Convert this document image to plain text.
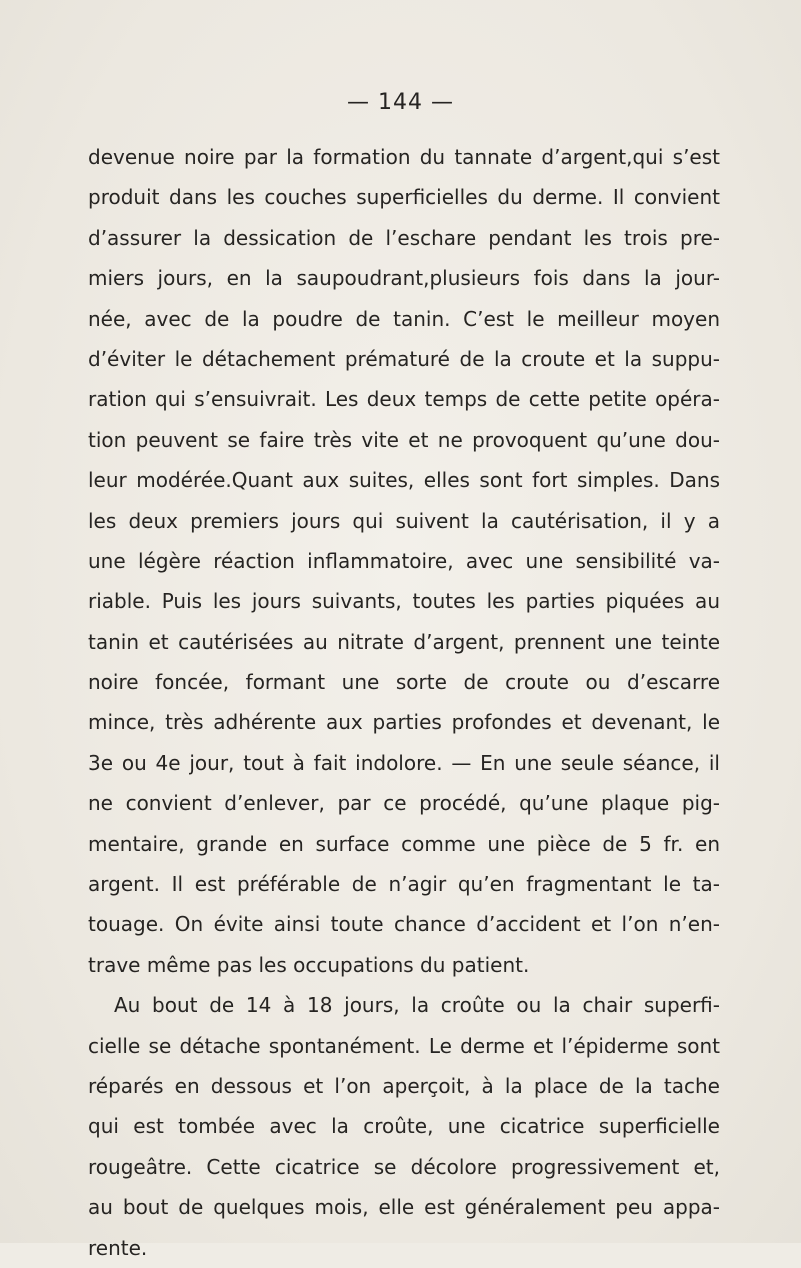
— 144 —
devenue noire par la formation du tannate d’argent,qui s’est
produit dans les couches superficielles du derme. Il convient
d’assurer la dessication de l’eschare pendant les trois pre-
miers jours, en la saupoudrant,plusieurs fois dans la jour-
née, avec de la poudre de tanin. C’est le meilleur moyen
d’éviter le détachement prématuré de la croute et la suppu-
ration qui s’ensuivrait. Les deux temps de cette petite opéra-
tion peuvent se faire très vite et ne provoquent qu’une dou-
leur modérée.Quant aux suites, elles sont fort simples. Dans
les deux premiers jours qui suivent la cautérisation, il y a
une légère réaction inflammatoire, avec une sensibilité va-
riable. Puis les jours suivants, toutes les parties piquées au
tanin et cautérisées au nitrate d’argent, prennent une teinte
noire foncée, formant une sorte de croute ou d’escarre
mince, très adhérente aux parties profondes et devenant, le
3e ou 4e jour, tout à fait indolore. — En une seule séance, il
ne convient d’enlever, par ce procédé, qu’une plaque pig-
mentaire, grande en surface comme une pièce de 5 fr. en
argent. Il est préférable de n’agir qu’en fragmentant le ta-
touage. On évite ainsi toute chance d’accident et l’on n’en-
trave même pas les occupations du patient.
Au bout de 14 à 18 jours, la croûte ou la chair superfi-
cielle se détache spontanément. Le derme et l’épiderme sont
réparés en dessous et l’on aperçoit, à la place de la tache
qui est tombée avec la croûte, une cicatrice superficielle
rougeâtre. Cette cicatrice se décolore progressivement et,
au bout de quelques mois, elle est généralement peu appa-
rente.
